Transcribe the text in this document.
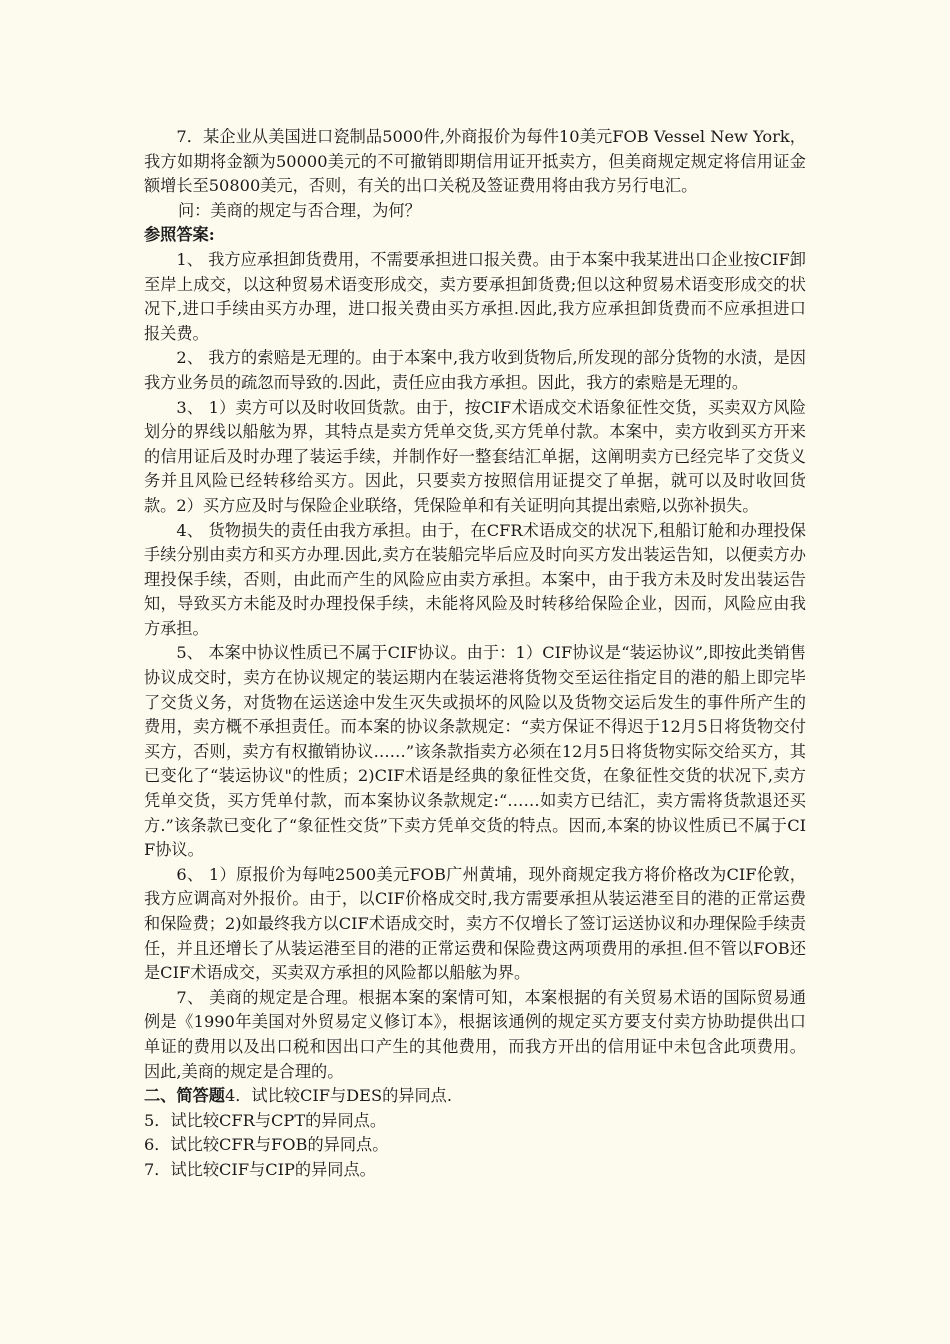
7．某企业从美国进口瓷制品5000件,外商报价为每件10美元FOB Vessel New York，我方如期将金额为50000美元的不可撤销即期信用证开抵卖方，但美商规定规定将信用证金额增长至50800美元，否则，有关的出口关税及签证费用将由我方另行电汇。

问：美商的规定与否合理，为何？

参照答案:

1、 我方应承担卸货费用，不需要承担进口报关费。由于本案中我某进出口企业按CIF卸至岸上成交，以这种贸易术语变形成交，卖方要承担卸货费;但以这种贸易术语变形成交的状况下,进口手续由买方办理，进口报关费由买方承担.因此,我方应承担卸货费而不应承担进口报关费。

2、 我方的索赔是无理的。由于本案中,我方收到货物后,所发现的部分货物的水渍，是因我方业务员的疏忽而导致的.因此，责任应由我方承担。因此，我方的索赔是无理的。

3、 1）卖方可以及时收回货款。由于，按CIF术语成交术语象征性交货，买卖双方风险划分的界线以船舷为界，其特点是卖方凭单交货,买方凭单付款。本案中，卖方收到买方开来的信用证后及时办理了装运手续，并制作好一整套结汇单据，这阐明卖方已经完毕了交货义务并且风险已经转移给买方。因此，只要卖方按照信用证提交了单据，就可以及时收回货款。2）买方应及时与保险企业联络，凭保险单和有关证明向其提出索赔,以弥补损失。

4、 货物损失的责任由我方承担。由于，在CFR术语成交的状况下,租船订舱和办理投保手续分别由卖方和买方办理.因此,卖方在装船完毕后应及时向买方发出装运告知，以便卖方办理投保手续，否则，由此而产生的风险应由卖方承担。本案中，由于我方未及时发出装运告知，导致买方未能及时办理投保手续，未能将风险及时转移给保险企业，因而，风险应由我方承担。

5、 本案中协议性质已不属于CIF协议。由于：1）CIF协议是“装运协议”,即按此类销售协议成交时，卖方在协议规定的装运期内在装运港将货物交至运往指定目的港的船上即完毕了交货义务，对货物在运送途中发生灭失或损坏的风险以及货物交运后发生的事件所产生的费用，卖方概不承担责任。而本案的协议条款规定：“卖方保证不得迟于12月5日将货物交付买方，否则，卖方有权撤销协议……”该条款指卖方必须在12月5日将货物实际交给买方，其已变化了“装运协议"的性质；2)CIF术语是经典的象征性交货，在象征性交货的状况下,卖方凭单交货，买方凭单付款，而本案协议条款规定:“……如卖方已结汇，卖方需将货款退还买方.”该条款已变化了“象征性交货”下卖方凭单交货的特点。因而,本案的协议性质已不属于CIF协议。

6、 1）原报价为每吨2500美元FOB广州黄埔，现外商规定我方将价格改为CIF伦敦，我方应调高对外报价。由于，以CIF价格成交时,我方需要承担从装运港至目的港的正常运费和保险费；2)如最终我方以CIF术语成交时，卖方不仅增长了签订运送协议和办理保险手续责任，并且还增长了从装运港至目的港的正常运费和保险费这两项费用的承担.但不管以FOB还是CIF术语成交，买卖双方承担的风险都以船舷为界。

7、 美商的规定是合理。根据本案的案情可知，本案根据的有关贸易术语的国际贸易通例是《1990年美国对外贸易定义修订本》，根据该通例的规定买方要支付卖方协助提供出口单证的费用以及出口税和因出口产生的其他费用，而我方开出的信用证中未包含此项费用。因此,美商的规定是合理的。

二、简答题4．试比较CIF与DES的异同点.

5．试比较CFR与CPT的异同点。

6．试比较CFR与FOB的异同点。

7．试比较CIF与CIP的异同点。
